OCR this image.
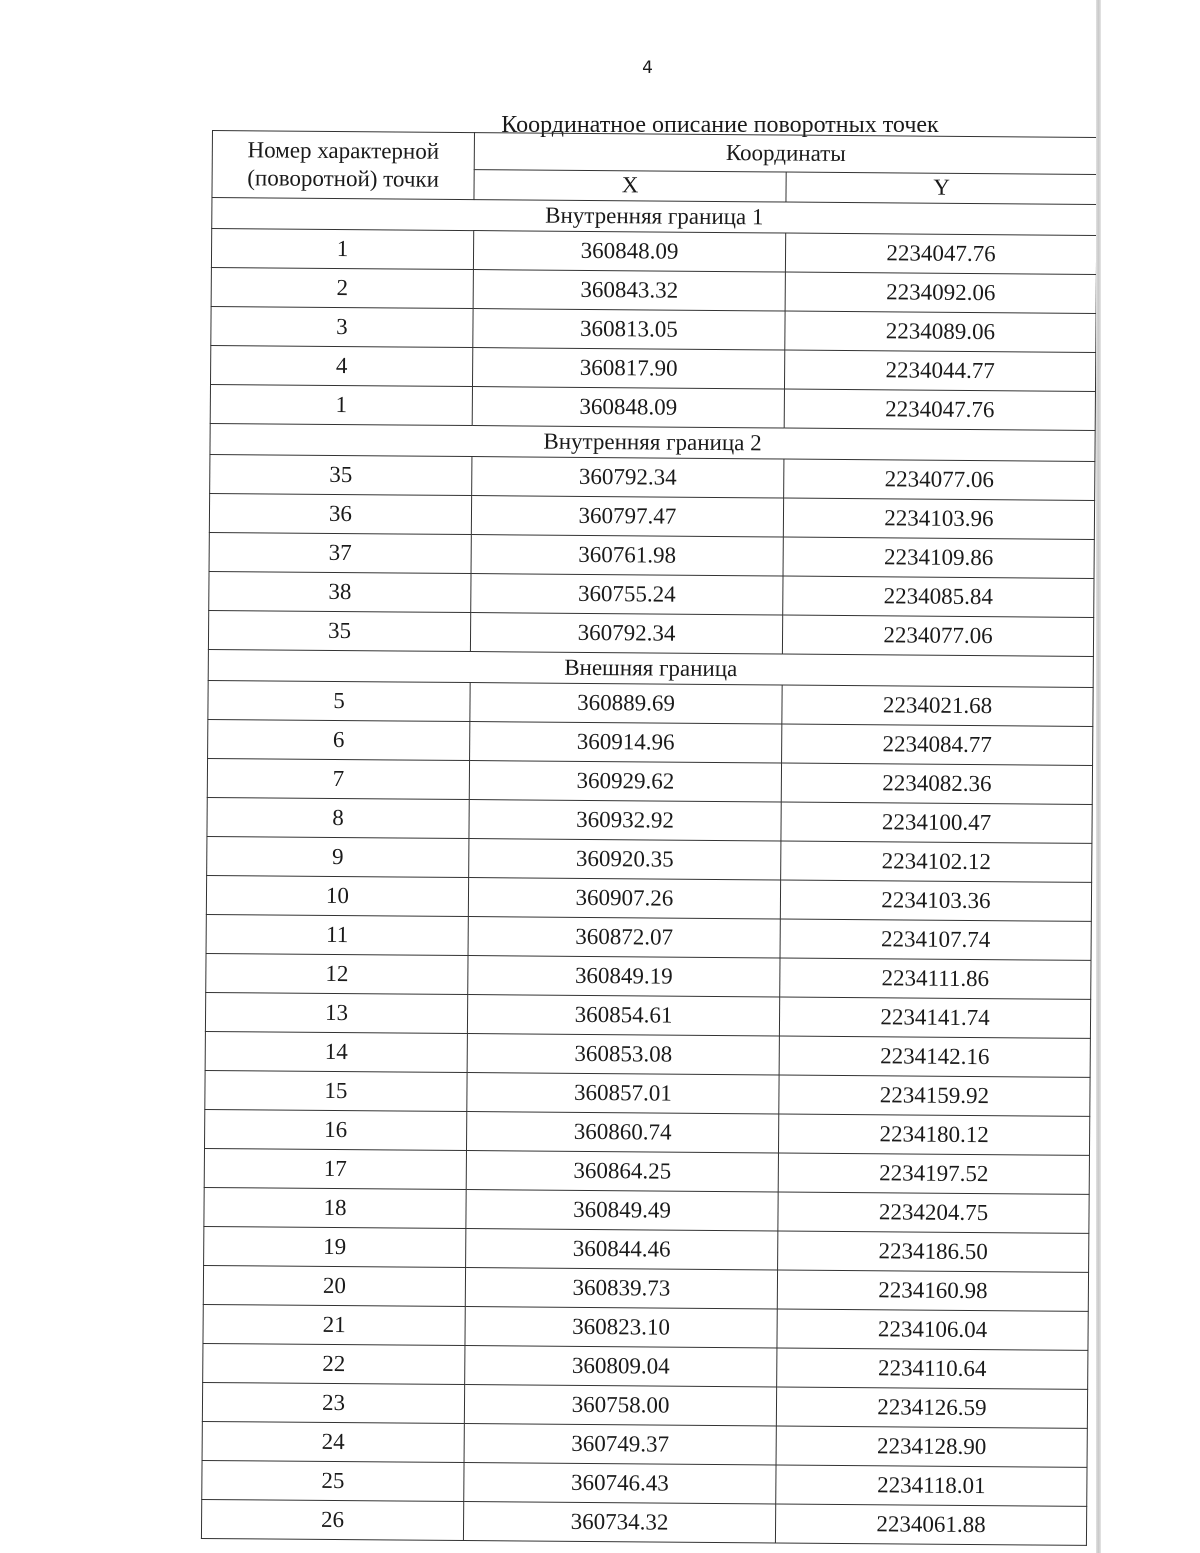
4
Координатное описание поворотных точек
Номер характерной (поворотной) точки	Координаты	
	X	Y
Внутренняя граница 1		
1	360848.09	2234047.76
2	360843.32	2234092.06
3	360813.05	2234089.06
4	360817.90	2234044.77
1	360848.09	2234047.76
Внутренняя граница 2		
35	360792.34	2234077.06
36	360797.47	2234103.96
37	360761.98	2234109.86
38	360755.24	2234085.84
35	360792.34	2234077.06
Внешняя граница		
5	360889.69	2234021.68
6	360914.96	2234084.77
7	360929.62	2234082.36
8	360932.92	2234100.47
9	360920.35	2234102.12
10	360907.26	2234103.36
11	360872.07	2234107.74
12	360849.19	2234111.86
13	360854.61	2234141.74
14	360853.08	2234142.16
15	360857.01	2234159.92
16	360860.74	2234180.12
17	360864.25	2234197.52
18	360849.49	2234204.75
19	360844.46	2234186.50
20	360839.73	2234160.98
21	360823.10	2234106.04
22	360809.04	2234110.64
23	360758.00	2234126.59
24	360749.37	2234128.90
25	360746.43	2234118.01
26	360734.32	2234061.88
